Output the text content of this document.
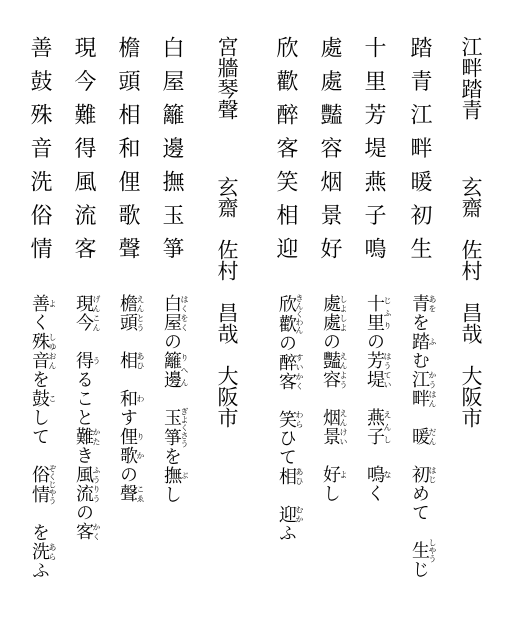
江畔踏青
玄齋　佐村　昌哉　大阪市
踏青江畔暖初生
十里芳堤燕子鳴
處處豔容烟景好
欣歡醉客笑相迎
青あをを踏ふむ江畔かうはん　暖だん　初はじめて　生しやうじ
十里じふりの芳堤はうてい　燕子えんし　鳴なく
處處しよしよの豔容えんよう　烟景えんけい　好よし
欣歡きんくわんの醉客すいかく　笑わらひて相あひ　迎むかふ
宮牆琴聲
玄齋　佐村　昌哉　大阪市
白屋籬邊撫玉箏
檐頭相和俚歌聲
現今難得風流客
善鼓殊音洗俗情
白屋はくをくの籬邊りへん　玉箏ぎよくさうを撫ぶし
檐頭えんとう　相あひ　和わす俚歌りかの聲こゑ
現今げんこん　得うること難かたき風流ふうりうの客かく
善よく殊音しゆおんを鼓こして　俗情ぞくじやう　を洗あらふ
